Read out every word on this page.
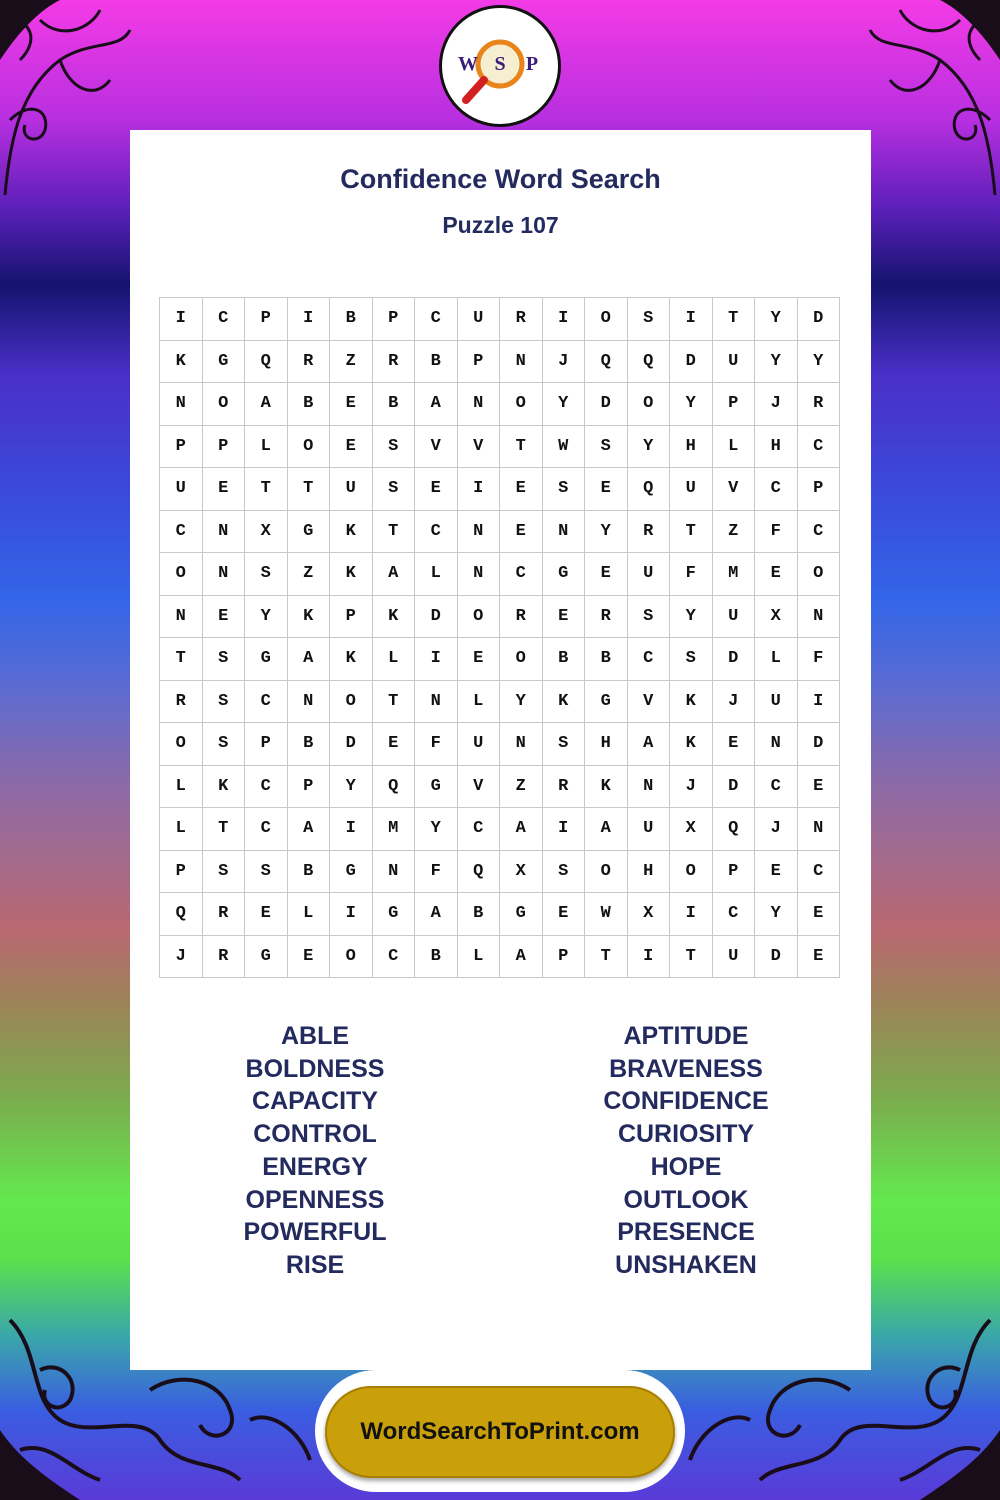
W S P
Confidence Word Search
Puzzle 107
I	C	P	I	B	P	C	U	R	I	O	S	I	T	Y	D
K	G	Q	R	Z	R	B	P	N	J	Q	Q	D	U	Y	Y
N	O	A	B	E	B	A	N	O	Y	D	O	Y	P	J	R
P	P	L	O	E	S	V	V	T	W	S	Y	H	L	H	C
U	E	T	T	U	S	E	I	E	S	E	Q	U	V	C	P
C	N	X	G	K	T	C	N	E	N	Y	R	T	Z	F	C
O	N	S	Z	K	A	L	N	C	G	E	U	F	M	E	O
N	E	Y	K	P	K	D	O	R	E	R	S	Y	U	X	N
T	S	G	A	K	L	I	E	O	B	B	C	S	D	L	F
R	S	C	N	O	T	N	L	Y	K	G	V	K	J	U	I
O	S	P	B	D	E	F	U	N	S	H	A	K	E	N	D
L	K	C	P	Y	Q	G	V	Z	R	K	N	J	D	C	E
L	T	C	A	I	M	Y	C	A	I	A	U	X	Q	J	N
P	S	S	B	G	N	F	Q	X	S	O	H	O	P	E	C
Q	R	E	L	I	G	A	B	G	E	W	X	I	C	Y	E
J	R	G	E	O	C	B	L	A	P	T	I	T	U	D	E
ABLE
BOLDNESS
CAPACITY
CONTROL
ENERGY
OPENNESS
POWERFUL
RISE
APTITUDE
BRAVENESS
CONFIDENCE
CURIOSITY
HOPE
OUTLOOK
PRESENCE
UNSHAKEN
WordSearchToPrint.com
